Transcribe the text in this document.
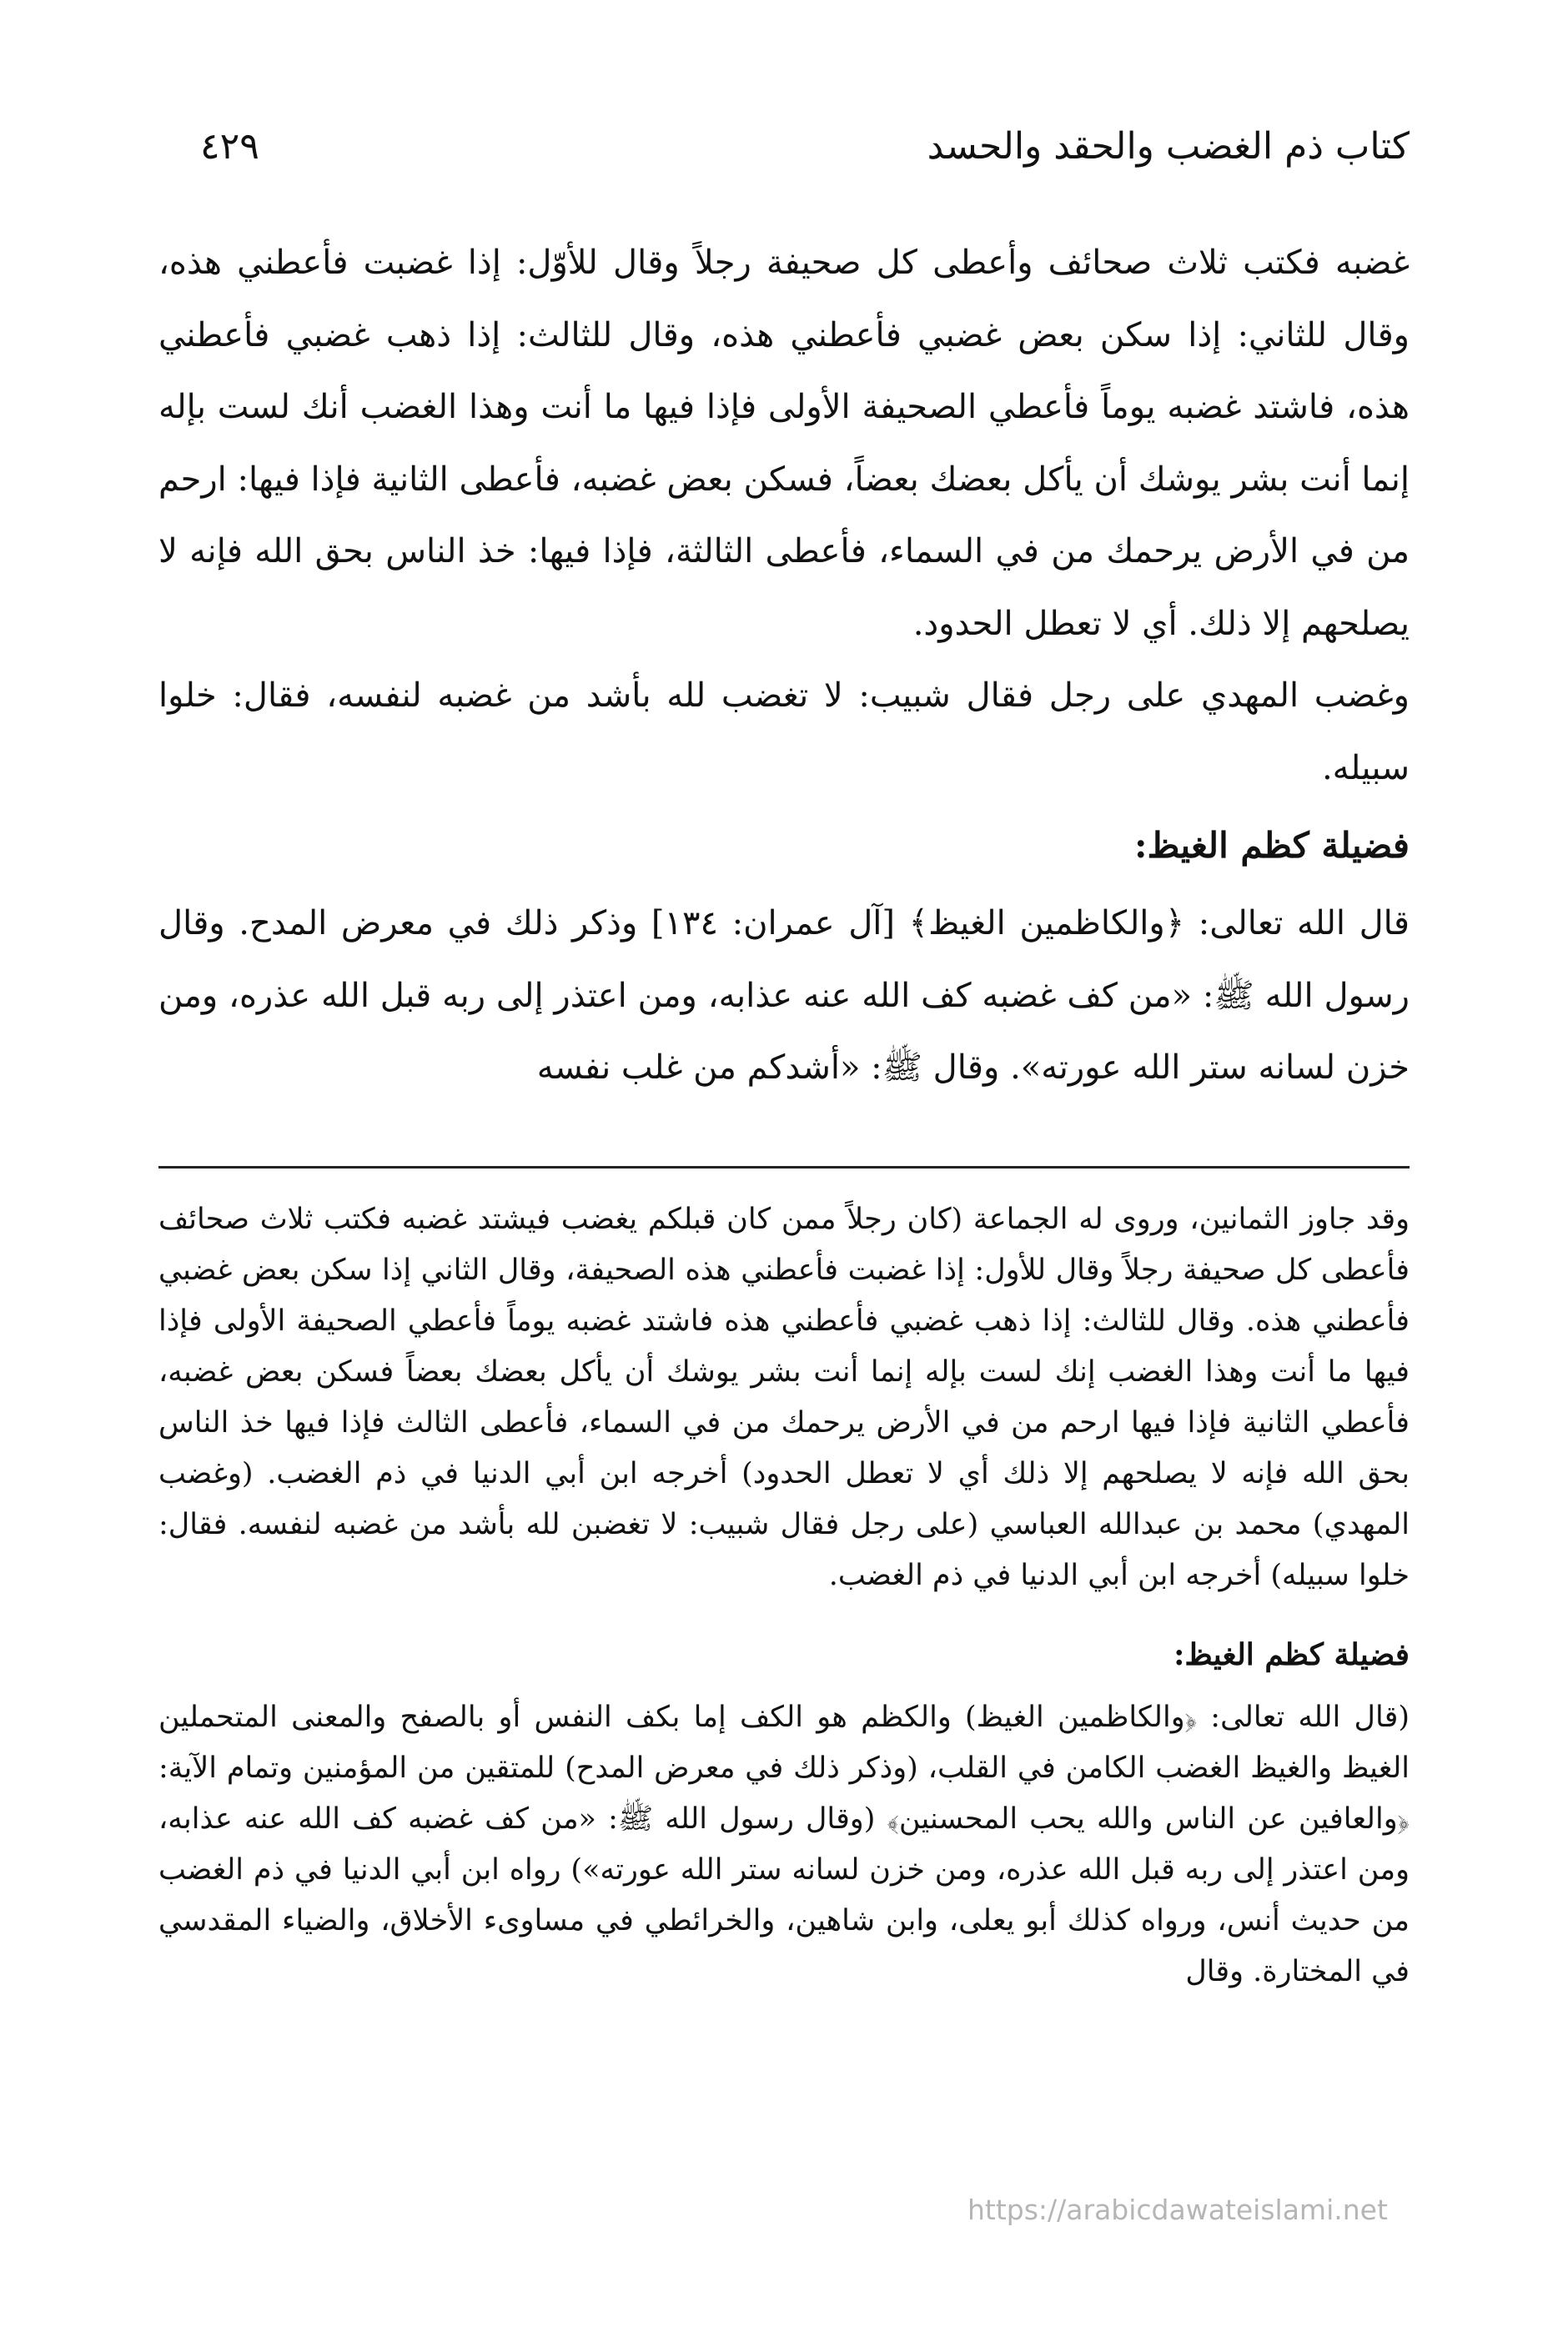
كتاب ذم الغضب والحقد والحسد
٤٢٩

غضبه فكتب ثلاث صحائف وأعطى كل صحيفة رجلاً وقال للأوّل: إذا غضبت فأعطني هذه، وقال للثاني: إذا سكن بعض غضبي فأعطني هذه، وقال للثالث: إذا ذهب غضبي فأعطني هذه، فاشتد غضبه يوماً فأعطي الصحيفة الأولى فإذا فيها ما أنت وهذا الغضب أنك لست بإله إنما أنت بشر يوشك أن يأكل بعضك بعضاً، فسكن بعض غضبه، فأعطى الثانية فإذا فيها: ارحم من في الأرض يرحمك من في السماء، فأعطى الثالثة، فإذا فيها: خذ الناس بحق الله فإنه لا يصلحهم إلا ذلك. أي لا تعطل الحدود.

وغضب المهدي على رجل فقال شبيب: لا تغضب لله بأشد من غضبه لنفسه، فقال: خلوا سبيله.

فضيلة كظم الغيظ:

قال الله تعالى: ﴿والكاظمين الغيظ﴾ [آل عمران: ١٣٤] وذكر ذلك في معرض المدح. وقال رسول الله ﷺ: «من كف غضبه كف الله عنه عذابه، ومن اعتذر إلى ربه قبل الله عذره، ومن خزن لسانه ستر الله عورته». وقال ﷺ: «أشدكم من غلب نفسه

وقد جاوز الثمانين، وروى له الجماعة (كان رجلاً ممن كان قبلكم يغضب فيشتد غضبه فكتب ثلاث صحائف فأعطى كل صحيفة رجلاً وقال للأول: إذا غضبت فأعطني هذه الصحيفة، وقال الثاني إذا سكن بعض غضبي فأعطني هذه. وقال للثالث: إذا ذهب غضبي فأعطني هذه فاشتد غضبه يوماً فأعطي الصحيفة الأولى فإذا فيها ما أنت وهذا الغضب إنك لست بإله إنما أنت بشر يوشك أن يأكل بعضك بعضاً فسكن بعض غضبه، فأعطي الثانية فإذا فيها ارحم من في الأرض يرحمك من في السماء، فأعطى الثالث فإذا فيها خذ الناس بحق الله فإنه لا يصلحهم إلا ذلك أي لا تعطل الحدود) أخرجه ابن أبي الدنيا في ذم الغضب. (وغضب المهدي) محمد بن عبدالله العباسي (على رجل فقال شبيب: لا تغضبن لله بأشد من غضبه لنفسه. فقال: خلوا سبيله) أخرجه ابن أبي الدنيا في ذم الغضب.

فضيلة كظم الغيظ:

(قال الله تعالى: ﴿والكاظمين الغيظ) والكظم هو الكف إما بكف النفس أو بالصفح والمعنى المتحملين الغيظ والغيظ الغضب الكامن في القلب، (وذكر ذلك في معرض المدح) للمتقين من المؤمنين وتمام الآية: ﴿والعافين عن الناس والله يحب المحسنين﴾ (وقال رسول الله ﷺ: «من كف غضبه كف الله عنه عذابه، ومن اعتذر إلى ربه قبل الله عذره، ومن خزن لسانه ستر الله عورته») رواه ابن أبي الدنيا في ذم الغضب من حديث أنس، ورواه كذلك أبو يعلى، وابن شاهين، والخرائطي في مساوىء الأخلاق، والضياء المقدسي في المختارة. وقال

https://arabicdawateislami.net
